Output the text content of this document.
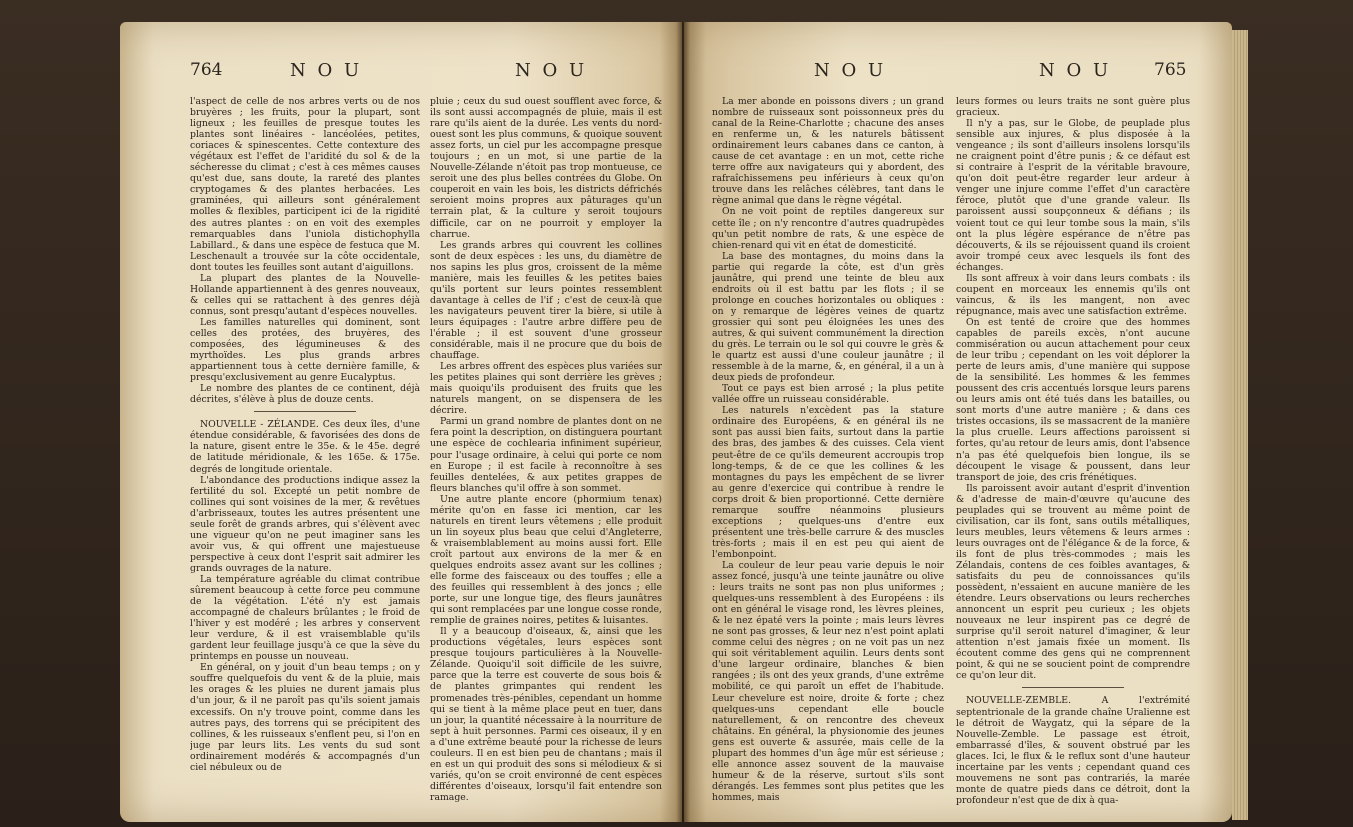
764	N O U	N O U

l'aspect de celle de nos arbres verts ou de nos bruyères ; les fruits, pour la plupart, sont ligneux ; les feuilles de presque toutes les plantes sont linéaires - lancéolées, petites, coriaces & spinescentes. Cette contexture des végétaux est l'effet de l'aridité du sol & de la sécheresse du climat ; c'est à ces mêmes causes qu'est due, sans doute, la rareté des plantes cryptogames & des plantes herbacées. Les graminées, qui ailleurs sont généralement molles & flexibles, participent ici de la rigidité des autres plantes : on en voit des exemples remarquables dans l'uniola distichophylla Labillard., & dans une espèce de festuca que M. Leschenault a trouvée sur la côte occidentale, dont toutes les feuilles sont autant d'aiguillons.

La plupart des plantes de la Nouvelle-Hollande appartiennent à des genres nouveaux, & celles qui se rattachent à des genres déjà connus, sont presqu'autant d'espèces nouvelles.

Les familles naturelles qui dominent, sont celles des protées, des bruyères, des composées, des légumineuses & des myrthoïdes. Les plus grands arbres appartiennent tous à cette dernière famille, & presqu'exclusivement au genre Eucalyptus.

Le nombre des plantes de ce continent, déjà décrites, s'élève à plus de douze cents.

NOUVELLE - ZÉLANDE. Ces deux îles, d'une étendue considérable, & favorisées des dons de la nature, gisent entre le 35e. & le 45e. degré de latitude méridionale, & les 165e. & 175e. degrés de longitude orientale.

L'abondance des productions indique assez la fertilité du sol. Excepté un petit nombre de collines qui sont voisines de la mer, & revêtues d'arbrisseaux, toutes les autres présentent une seule forêt de grands arbres, qui s'élèvent avec une vigueur qu'on ne peut imaginer sans les avoir vus, & qui offrent une majestueuse perspective à ceux dont l'esprit sait admirer les grands ouvrages de la nature.

La température agréable du climat contribue sûrement beaucoup à cette force peu commune de la végétation. L'été n'y est jamais accompagné de chaleurs brûlantes ; le froid de l'hiver y est modéré ; les arbres y conservent leur verdure, & il est vraisemblable qu'ils gardent leur feuillage jusqu'à ce que la sève du printemps en pousse un nouveau.

En général, on y jouit d'un beau temps ; on y souffre quelquefois du vent & de la pluie, mais les orages & les pluies ne durent jamais plus d'un jour, & il ne paroît pas qu'ils soient jamais excessifs. On n'y trouve point, comme dans les autres pays, des torrens qui se précipitent des collines, & les ruisseaux s'enflent peu, si l'on en juge par leurs lits. Les vents du sud sont ordinairement modérés & accompagnés d'un ciel nébuleux ou de

pluie ; ceux du sud ouest soufflent avec force, & ils sont aussi accompagnés de pluie, mais il est rare qu'ils aient de la durée. Les vents du nord-ouest sont les plus communs, & quoique souvent assez forts, un ciel pur les accompagne presque toujours ; en un mot, si une partie de la Nouvelle-Zélande n'étoit pas trop montueuse, ce seroit une des plus belles contrées du Globe. On couperoit en vain les bois, les districts défrichés seroient moins propres aux pâturages qu'un terrain plat, & la culture y seroit toujours difficile, car on ne pourroit y employer la charrue.

Les grands arbres qui couvrent les collines sont de deux espèces : les uns, du diamètre de nos sapins les plus gros, croissent de la même manière, mais les feuilles & les petites baies qu'ils portent sur leurs pointes ressemblent davantage à celles de l'if ; c'est de ceux-là que les navigateurs peuvent tirer la bière, si utile à leurs équipages : l'autre arbre diffère peu de l'érable ; il est souvent d'une grosseur considérable, mais il ne procure que du bois de chauffage.

Les arbres offrent des espèces plus variées sur les petites plaines qui sont derrière les grèves ; mais quoiqu'ils produisent des fruits que les naturels mangent, on se dispensera de les décrire.

Parmi un grand nombre de plantes dont on ne fera point la description, on distinguera pourtant une espèce de cochlearia infiniment supérieur, pour l'usage ordinaire, à celui qui porte ce nom en Europe ; il est facile à reconnoître à ses feuilles dentelées, & aux petites grappes de fleurs blanches qu'il offre à son sommet.

Une autre plante encore (phormium tenax) mérite qu'on en fasse ici mention, car les naturels en tirent leurs vêtemens ; elle produit un lin soyeux plus beau que celui d'Angleterre, & vraisemblablement au moins aussi fort. Elle croît partout aux environs de la mer & en quelques endroits assez avant sur les collines ; elle forme des faisceaux ou des touffes ; elle a des feuilles qui ressemblent à des joncs ; elle porte, sur une longue tige, des fleurs jaunâtres qui sont remplacées par une longue cosse ronde, remplie de graines noires, petites & luisantes.

Il y a beaucoup d'oiseaux, &, ainsi que les productions végétales, leurs espèces sont presque toujours particulières à la Nouvelle-Zélande. Quoiqu'il soit difficile de les suivre, parce que la terre est couverte de sous bois & de plantes grimpantes qui rendent les promenades très-pénibles, cependant un homme qui se tient à la même place peut en tuer, dans un jour, la quantité nécessaire à la nourriture de sept à huit personnes. Parmi ces oiseaux, il y en a d'une extrême beauté pour la richesse de leurs couleurs. Il en est bien peu de chantans ; mais il en est un qui produit des sons si mélodieux & si variés, qu'on se croit environné de cent espèces différentes d'oiseaux, lorsqu'il fait entendre son ramage.

N O U	N O U	765

La mer abonde en poissons divers ; un grand nombre de ruisseaux sont poissonneux près du canal de la Reine-Charlotte ; chacune des anses en renferme un, & les naturels bâtissent ordinairement leurs cabanes dans ce canton, à cause de cet avantage : en un mot, cette riche terre offre aux navigateurs qui y abordent, des rafraîchissemens peu inférieurs à ceux qu'on trouve dans les relâches célèbres, tant dans le règne animal que dans le règne végétal.

On ne voit point de reptiles dangereux sur cette île ; on n'y rencontre d'autres quadrupèdes qu'un petit nombre de rats, & une espèce de chien-renard qui vit en état de domesticité.

La base des montagnes, du moins dans la partie qui regarde la côte, est d'un grès jaunâtre, qui prend une teinte de bleu aux endroits où il est battu par les flots ; il se prolonge en couches horizontales ou obliques : on y remarque de légères veines de quartz grossier qui sont peu éloignées les unes des autres, & qui suivent communément la direction du grès. Le terrain ou le sol qui couvre le grès & le quartz est aussi d'une couleur jaunâtre ; il ressemble à de la marne, &, en général, il a un à deux pieds de profondeur.

Tout ce pays est bien arrosé ; la plus petite vallée offre un ruisseau considérable.

Les naturels n'excèdent pas la stature ordinaire des Européens, & en général ils ne sont pas aussi bien faits, surtout dans la partie des bras, des jambes & des cuisses. Cela vient peut-être de ce qu'ils demeurent accroupis trop long-temps, & de ce que les collines & les montagnes du pays les empêchent de se livrer au genre d'exercice qui contribue à rendre le corps droit & bien proportionné. Cette dernière remarque souffre néanmoins plusieurs exceptions ; quelques-uns d'entre eux présentent une très-belle carrure & des muscles très-forts ; mais il en est peu qui aient de l'embonpoint.

La couleur de leur peau varie depuis le noir assez foncé, jusqu'à une teinte jaunâtre ou olive : leurs traits ne sont pas non plus uniformes ; quelques-uns ressemblent à des Européens : ils ont en général le visage rond, les lèvres pleines, & le nez épaté vers la pointe ; mais leurs lèvres ne sont pas grosses, & leur nez n'est point aplati comme celui des nègres ; on ne voit pas un nez qui soit véritablement aquilin. Leurs dents sont d'une largeur ordinaire, blanches & bien rangées ; ils ont des yeux grands, d'une extrême mobilité, ce qui paroît un effet de l'habitude. Leur chevelure est noire, droite & forte ; chez quelques-uns cependant elle boucle naturellement, & on rencontre des cheveux châtains. En général, la physionomie des jeunes gens est ouverte & assurée, mais celle de la plupart des hommes d'un âge mûr est sérieuse ; elle annonce assez souvent de la mauvaise humeur & de la réserve, surtout s'ils sont dérangés. Les femmes sont plus petites que les hommes, mais

leurs formes ou leurs traits ne sont guère plus gracieux.

Il n'y a pas, sur le Globe, de peuplade plus sensible aux injures, & plus disposée à la vengeance ; ils sont d'ailleurs insolens lorsqu'ils ne craignent point d'être punis ; & ce défaut est si contraire à l'esprit de la véritable bravoure, qu'on doit peut-être regarder leur ardeur à venger une injure comme l'effet d'un caractère féroce, plutôt que d'une grande valeur. Ils paroissent aussi soupçonneux & défians ; ils voient tout ce qui leur tombe sous la main, s'ils ont la plus légère espérance de n'être pas découverts, & ils se réjouissent quand ils croient avoir trompé ceux avec lesquels ils font des échanges.

Ils sont affreux à voir dans leurs combats : ils coupent en morceaux les ennemis qu'ils ont vaincus, & ils les mangent, non avec répugnance, mais avec une satisfaction extrême.

On est tenté de croire que des hommes capables de pareils excès, n'ont aucune commisération ou aucun attachement pour ceux de leur tribu ; cependant on les voit déplorer la perte de leurs amis, d'une manière qui suppose de la sensibilité. Les hommes & les femmes poussent des cris accentués lorsque leurs parens ou leurs amis ont été tués dans les batailles, ou sont morts d'une autre manière ; & dans ces tristes occasions, ils se massacrent de la manière la plus cruelle. Leurs affections paroissent si fortes, qu'au retour de leurs amis, dont l'absence n'a pas été quelquefois bien longue, ils se découpent le visage & poussent, dans leur transport de joie, des cris frénétiques.

Ils paroissent avoir autant d'esprit d'invention & d'adresse de main-d'œuvre qu'aucune des peuplades qui se trouvent au même point de civilisation, car ils font, sans outils métalliques, leurs meubles, leurs vêtemens & leurs armes : leurs ouvrages ont de l'élégance & de la force, & ils font de plus très-commodes ; mais les Zélandais, contens de ces foibles avantages, & satisfaits du peu de connoissances qu'ils possèdent, n'essaient en aucune manière de les étendre. Leurs observations ou leurs recherches annoncent un esprit peu curieux ; les objets nouveaux ne leur inspirent pas ce degré de surprise qu'il seroit naturel d'imaginer, & leur attention n'est jamais fixée un moment. Ils écoutent comme des gens qui ne comprennent point, & qui ne se soucient point de comprendre ce qu'on leur dit.

NOUVELLE-ZEMBLE. A l'extrémité septentrionale de la grande chaîne Uralienne est le détroit de Waygatz, qui la sépare de la Nouvelle-Zemble. Le passage est étroit, embarrassé d'îles, & souvent obstrué par les glaces. Ici, le flux & le reflux sont d'une hauteur incertaine par les vents ; cependant quand ces mouvemens ne sont pas contrariés, la marée monte de quatre pieds dans ce détroit, dont la profondeur n'est que de dix à qua-
